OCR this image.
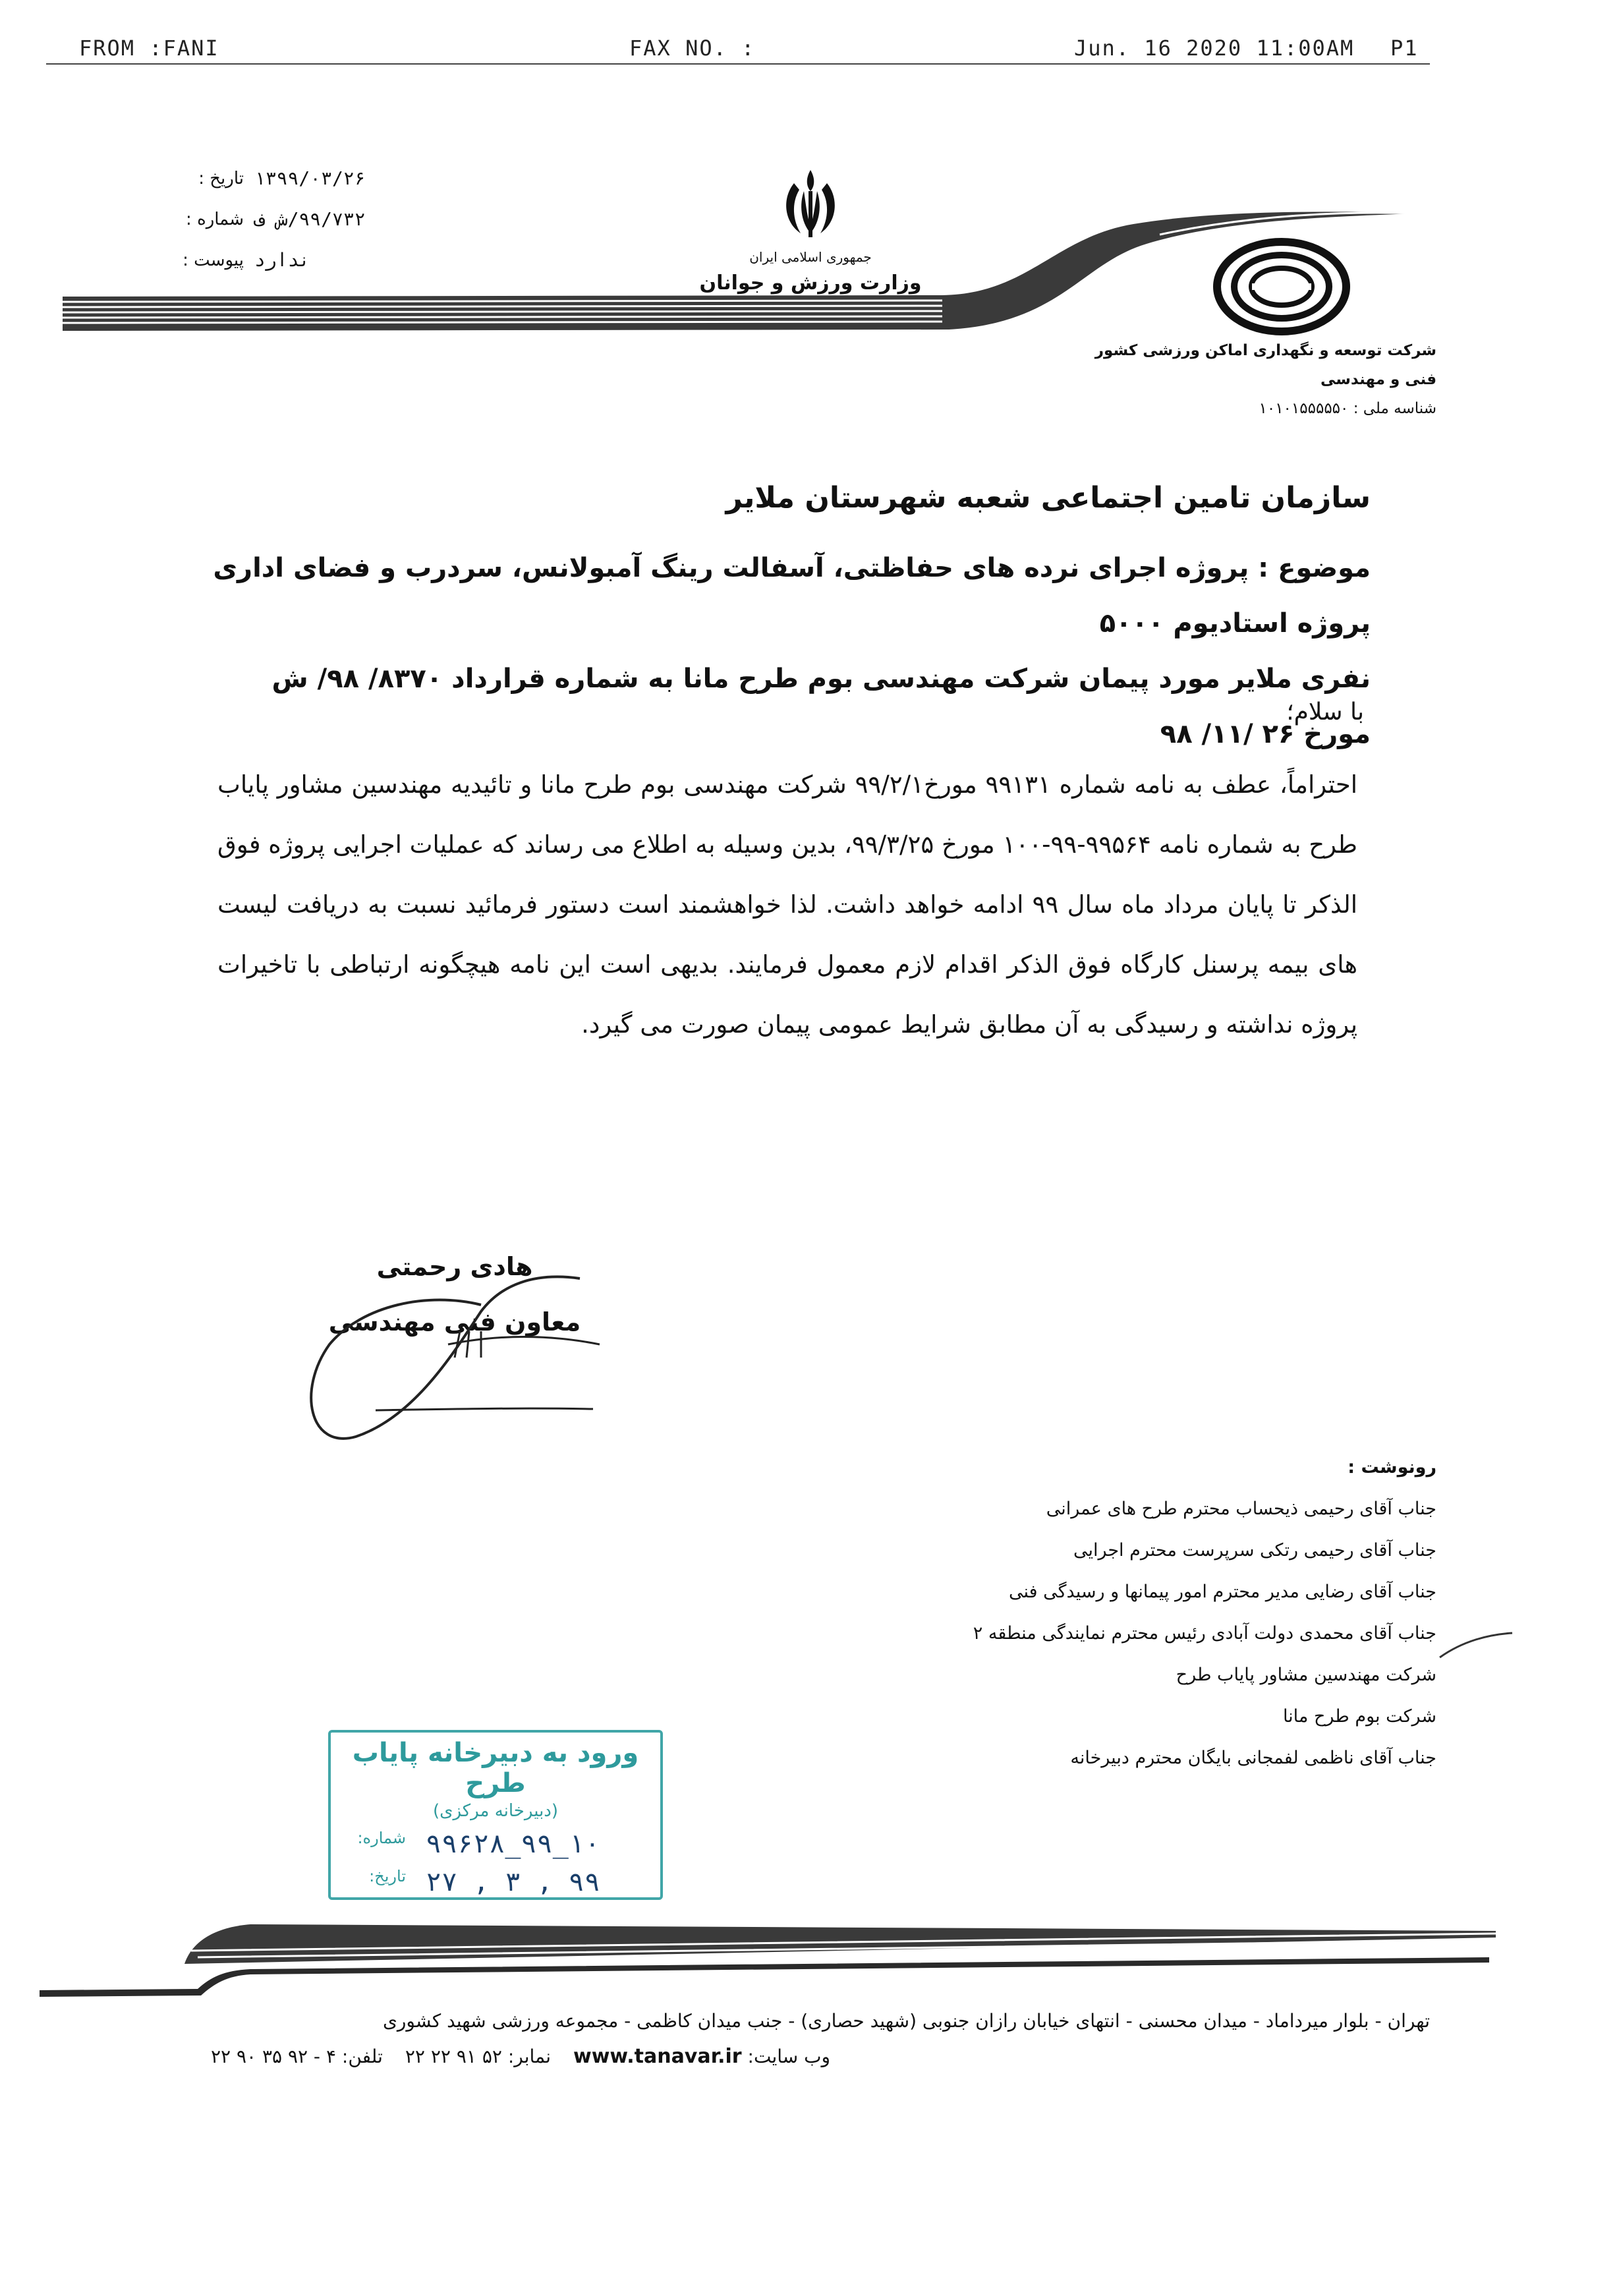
FROM :FANI	FAX NO. :	Jun. 16 2020 11:00AM P1
جمهوری اسلامی ایران
وزارت ورزش و جوانان
تاریخ : ۱۳۹۹/۰۳/۲۶
شماره : ۹۹/۷۳۲/ش ف
پیوست : ندارد
شرکت توسعه و نگهداری اماکن ورزشی کشور
فنی و مهندسی
شناسه ملی : ۱۰۱۰۱۵۵۵۵۵۰
سازمان تامین اجتماعی شعبه شهرستان ملایر
موضوع : پروژه اجرای نرده های حفاظتی، آسفالت رینگ آمبولانس، سردرب و فضای اداری پروژه استادیوم ۵۰۰۰
نفری ملایر مورد پیمان شرکت مهندسی بوم طرح مانا به شماره قرارداد ۸۳۷۰/ ۹۸/ ش مورخ ۲۶ /۱۱/ ۹۸
با سلام؛
احتراماً، عطف به نامه شماره ۹۹۱۳۱ مورخ۹۹/۲/۱ شرکت مهندسی بوم طرح مانا و تائیدیه مهندسین مشاور پایاب طرح به شماره نامه ۹۹۵۶۴-۹۹-۱۰۰ مورخ ۹۹/۳/۲۵، بدین وسیله به اطلاع می رساند که عملیات اجرایی پروژه فوق الذکر تا پایان مرداد ماه سال ۹۹ ادامه خواهد داشت. لذا خواهشمند است دستور فرمائید نسبت به دریافت لیست های بیمه پرسنل کارگاه فوق الذکر اقدام لازم معمول فرمایند. بدیهی است این نامه هیچگونه ارتباطی با تاخیرات پروژه نداشته و رسیدگی به آن مطابق شرایط عمومی پیمان صورت می گیرد.
هادی رحمتی
معاون فنی مهندسی
رونوشت :
جناب آقای رحیمی ذیحساب محترم طرح های عمرانی
جناب آقای رحیمی رتکی سرپرست محترم اجرایی
جناب آقای رضایی مدیر محترم امور پیمانها و رسیدگی فنی
جناب آقای محمدی دولت آبادی رئیس محترم نمایندگی منطقه ۲
شرکت مهندسین مشاور پایاب طرح
شرکت بوم طرح مانا
جناب آقای ناظمی لفمجانی بایگان محترم دبیرخانه
ورود به دبیرخانه پایاب طرح
(دبیرخانه مرکزی)
شماره: ۱۰_۹۹_۹۹۶۲۸
تاریخ: ۹۹ , ۳ , ۲۷
تهران - بلوار میرداماد - میدان محسنی - انتهای خیابان رازان جنوبی (شهید حصاری) - جنب میدان کاظمی - مجموعه ورزشی شهید کشوری
تلفن: ۴ - ۹۲ ۳۵ ۹۰ ۲۲	نمابر: ۵۲ ۹۱ ۲۲ ۲۲	وب سایت: www.tanavar.ir
